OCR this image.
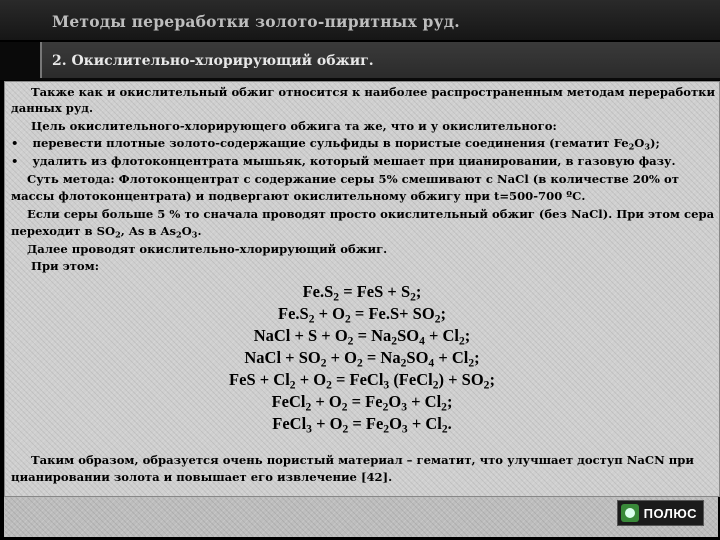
Методы переработки золото-пиритных руд.
2. Окислительно-хлорирующий обжиг.

Также как и окислительный обжиг относится к наиболее распространенным методам переработки

данных руд.

Цель окислительного-хлорирующего обжига та же, что и у окислительного:

• перевести плотные золото-содержащие сульфиды в пористые соединения (гематит $Fe_2O_3$);

• удалить из флотоконцентрата мышьяк, который мешает при цианировании, в газовую фазу.

Суть метода: Флотоконцентрат с содержание серы 5% смешивают с NaCl (в количестве 20% от

массы флотоконцентрата) и подвергают окислительному обжигу при t=500-700 ºС.

Если серы больше 5 % то сначала проводят просто окислительный обжиг (без NaCl). При этом сера

переходит в $SO_2$, As в $As_2O_3$.

Далее проводят окислительно-хлорирующий обжиг.

При этом:

$Fe.S_2$ = FeS + $S_2$;

$Fe.S_2 + O_2 = Fe.S+ SO_2$;

NaCl + $S + O_2 = Na_2SO_4 + Cl_2$;

NaCl + $SO_2 + O_2 = Na_2SO_4 + Cl_2$;

FeS + $Cl_2 + O_2$ = FeCl$_3$ (FeCl$_2$) + $SO_2$;

FeCl$_2$ + $O_2 = Fe_2O_3 + Cl_2$;

FeCl$_3$ + $O_2 = Fe_2O_3 + Cl_2$.

Таким образом, образуется очень пористый материал – гематит, что улучшает доступ NaCN при

цианировании золота и повышает его извлечение [42].

ПОЛЮС
